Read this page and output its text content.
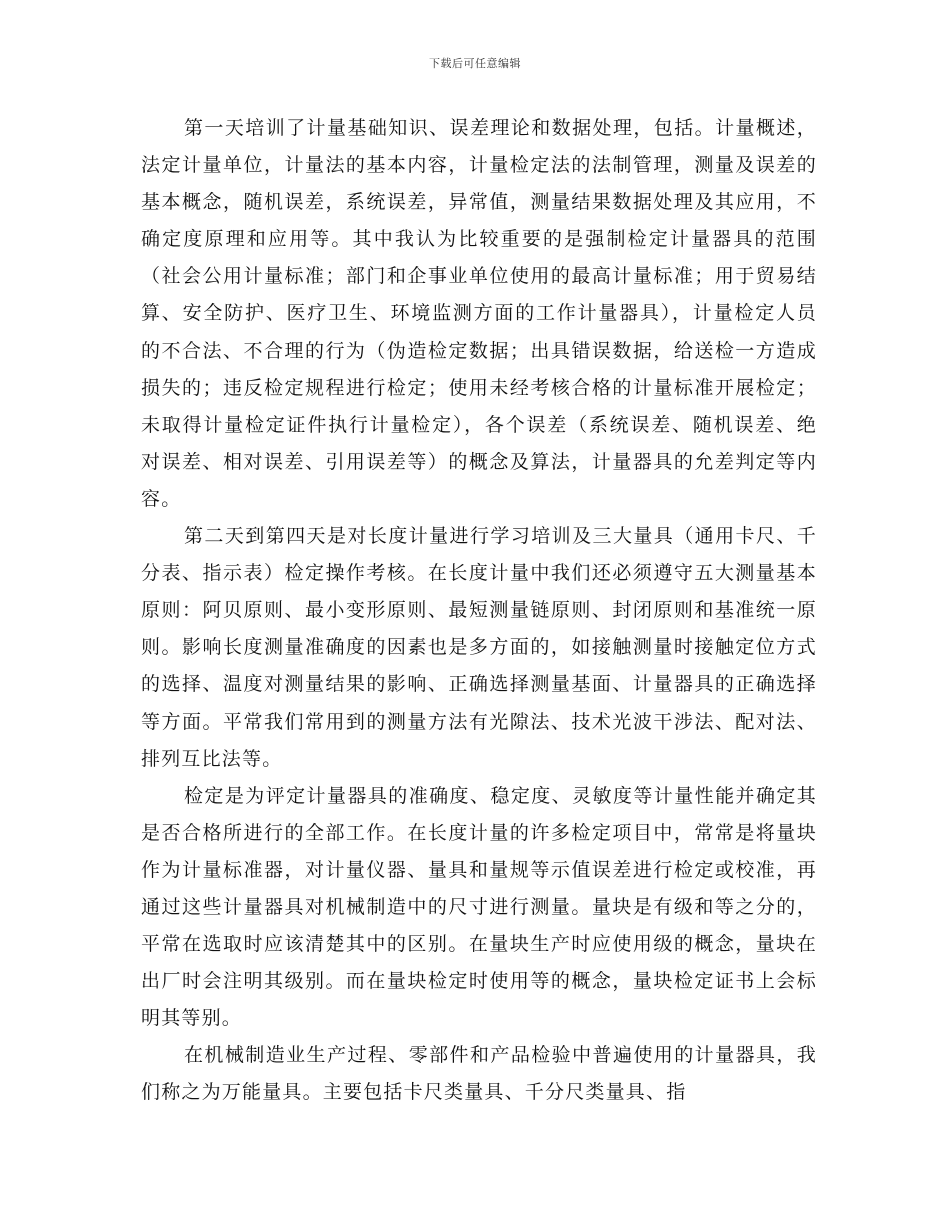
下载后可任意编辑

第一天培训了计量基础知识、误差理论和数据处理，包括。计量概述，法定计量单位，计量法的基本内容，计量检定法的法制管理，测量及误差的基本概念，随机误差，系统误差，异常值，测量结果数据处理及其应用，不确定度原理和应用等。其中我认为比较重要的是强制检定计量器具的范围（社会公用计量标准；部门和企事业单位使用的最高计量标准；用于贸易结算、安全防护、医疗卫生、环境监测方面的工作计量器具），计量检定人员的不合法、不合理的行为（伪造检定数据；出具错误数据，给送检一方造成损失的；违反检定规程进行检定；使用未经考核合格的计量标准开展检定；未取得计量检定证件执行计量检定），各个误差（系统误差、随机误差、绝对误差、相对误差、引用误差等）的概念及算法，计量器具的允差判定等内容。

第二天到第四天是对长度计量进行学习培训及三大量具（通用卡尺、千分表、指示表）检定操作考核。在长度计量中我们还必须遵守五大测量基本原则：阿贝原则、最小变形原则、最短测量链原则、封闭原则和基准统一原则。影响长度测量准确度的因素也是多方面的，如接触测量时接触定位方式的选择、温度对测量结果的影响、正确选择测量基面、计量器具的正确选择等方面。平常我们常用到的测量方法有光隙法、技术光波干涉法、配对法、排列互比法等。

检定是为评定计量器具的准确度、稳定度、灵敏度等计量性能并确定其是否合格所进行的全部工作。在长度计量的许多检定项目中，常常是将量块作为计量标准器，对计量仪器、量具和量规等示值误差进行检定或校准，再通过这些计量器具对机械制造中的尺寸进行测量。量块是有级和等之分的，平常在选取时应该清楚其中的区别。在量块生产时应使用级的概念，量块在出厂时会注明其级别。而在量块检定时使用等的概念，量块检定证书上会标明其等别。

在机械制造业生产过程、零部件和产品检验中普遍使用的计量器具，我们称之为万能量具。主要包括卡尺类量具、千分尺类量具、指
